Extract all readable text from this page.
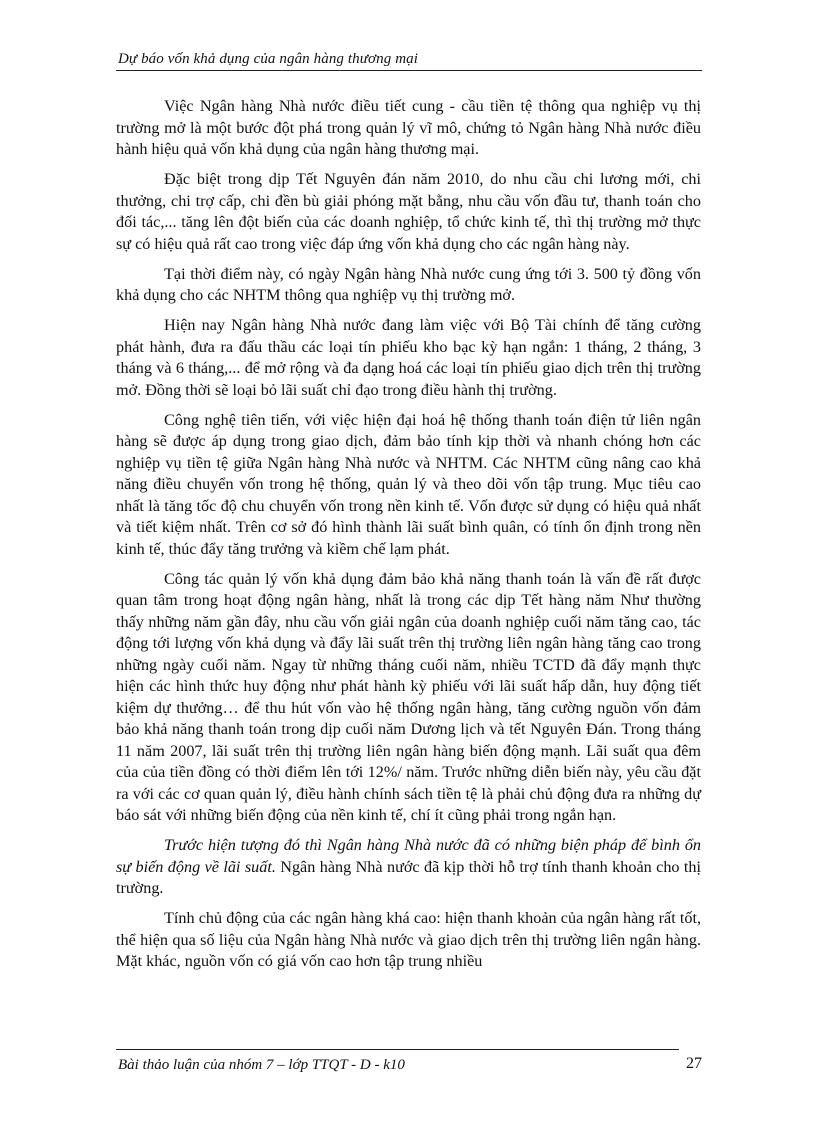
Dự báo vốn khả dụng của ngân hàng thương mại

Việc Ngân hàng Nhà nước điều tiết cung - cầu tiền tệ thông qua nghiệp vụ thị trường mở là một bước đột phá trong quản lý vĩ mô, chứng tỏ Ngân hàng Nhà nước điều hành hiệu quả vốn khả dụng của ngân hàng thương mại.

Đặc biệt trong dịp Tết Nguyên đán năm 2010, do nhu cầu chi lương mới, chi thưởng, chi trợ cấp, chi đền bù giải phóng mặt bằng, nhu cầu vốn đầu tư, thanh toán cho đối tác,... tăng lên đột biến của các doanh nghiệp, tổ chức kinh tế, thì thị trường mở thực sự có hiệu quả rất cao trong việc đáp ứng vốn khả dụng cho các ngân hàng này.

Tại thời điểm này, có ngày Ngân hàng Nhà nước cung ứng tới 3. 500 tỷ đồng vốn khả dụng cho các NHTM thông qua nghiệp vụ thị trường mở.

Hiện nay Ngân hàng Nhà nước đang làm việc với Bộ Tài chính để tăng cường phát hành, đưa ra đấu thầu các loại tín phiếu kho bạc kỳ hạn ngắn: 1 tháng, 2 tháng, 3 tháng và 6 tháng,... để mở rộng và đa dạng hoá các loại tín phiếu giao dịch trên thị trường mở. Đồng thời sẽ loại bỏ lãi suất chỉ đạo trong điều hành thị trường.

Công nghệ tiên tiến, với việc hiện đại hoá hệ thống thanh toán điện tử liên ngân hàng sẽ được áp dụng trong giao dịch, đảm bảo tính kịp thời và nhanh chóng hơn các nghiệp vụ tiền tệ giữa Ngân hàng Nhà nước và NHTM. Các NHTM cũng nâng cao khả năng điều chuyển vốn trong hệ thống, quản lý và theo dõi vốn tập trung. Mục tiêu cao nhất là tăng tốc độ chu chuyển vốn trong nền kinh tế. Vốn được sử dụng có hiệu quả nhất và tiết kiệm nhất. Trên cơ sở đó hình thành lãi suất bình quân, có tính ổn định trong nền kinh tế, thúc đẩy tăng trưởng và kiềm chế lạm phát.

Công tác quản lý vốn khả dụng đảm bảo khả năng thanh toán là vấn đề rất được quan tâm trong hoạt động ngân hàng, nhất là trong các dịp Tết hàng năm Như thường thấy những năm gần đây, nhu cầu vốn giải ngân của doanh nghiệp cuối năm tăng cao, tác động tới lượng vốn khả dụng và đẩy lãi suất trên thị trường liên ngân hàng tăng cao trong những ngày cuối năm. Ngay từ những tháng cuối năm, nhiều TCTD đã đẩy mạnh thực hiện các hình thức huy động như phát hành kỳ phiếu với lãi suất hấp dẫn, huy động tiết kiệm dự thưởng… để thu hút vốn vào hệ thống ngân hàng, tăng cường nguồn vốn đảm bảo khả năng thanh toán trong dịp cuối năm Dương lịch và tết Nguyên Đán. Trong tháng 11 năm 2007, lãi suất trên thị trường liên ngân hàng biến động mạnh. Lãi suất qua đêm của của tiền đồng có thời điểm lên tới 12%/ năm. Trước những diễn biến này, yêu cầu đặt ra với các cơ quan quản lý, điều hành chính sách tiền tệ là phải chủ động đưa ra những dự báo sát với những biến động của nền kinh tế, chí ít cũng phải trong ngắn hạn.

Trước hiện tượng đó thì Ngân hàng Nhà nước đã có những biện pháp để bình ổn sự biến động về lãi suất. Ngân hàng Nhà nước đã kịp thời hỗ trợ tính thanh khoản cho thị trường.

Tính chủ động của các ngân hàng khá cao: hiện thanh khoản của ngân hàng rất tốt, thể hiện qua số liệu của Ngân hàng Nhà nước và giao dịch trên thị trường liên ngân hàng. Mặt khác, nguồn vốn có giá vốn cao hơn tập trung nhiều

Bài thảo luận của nhóm 7 – lớp TTQT - D - k10	27
